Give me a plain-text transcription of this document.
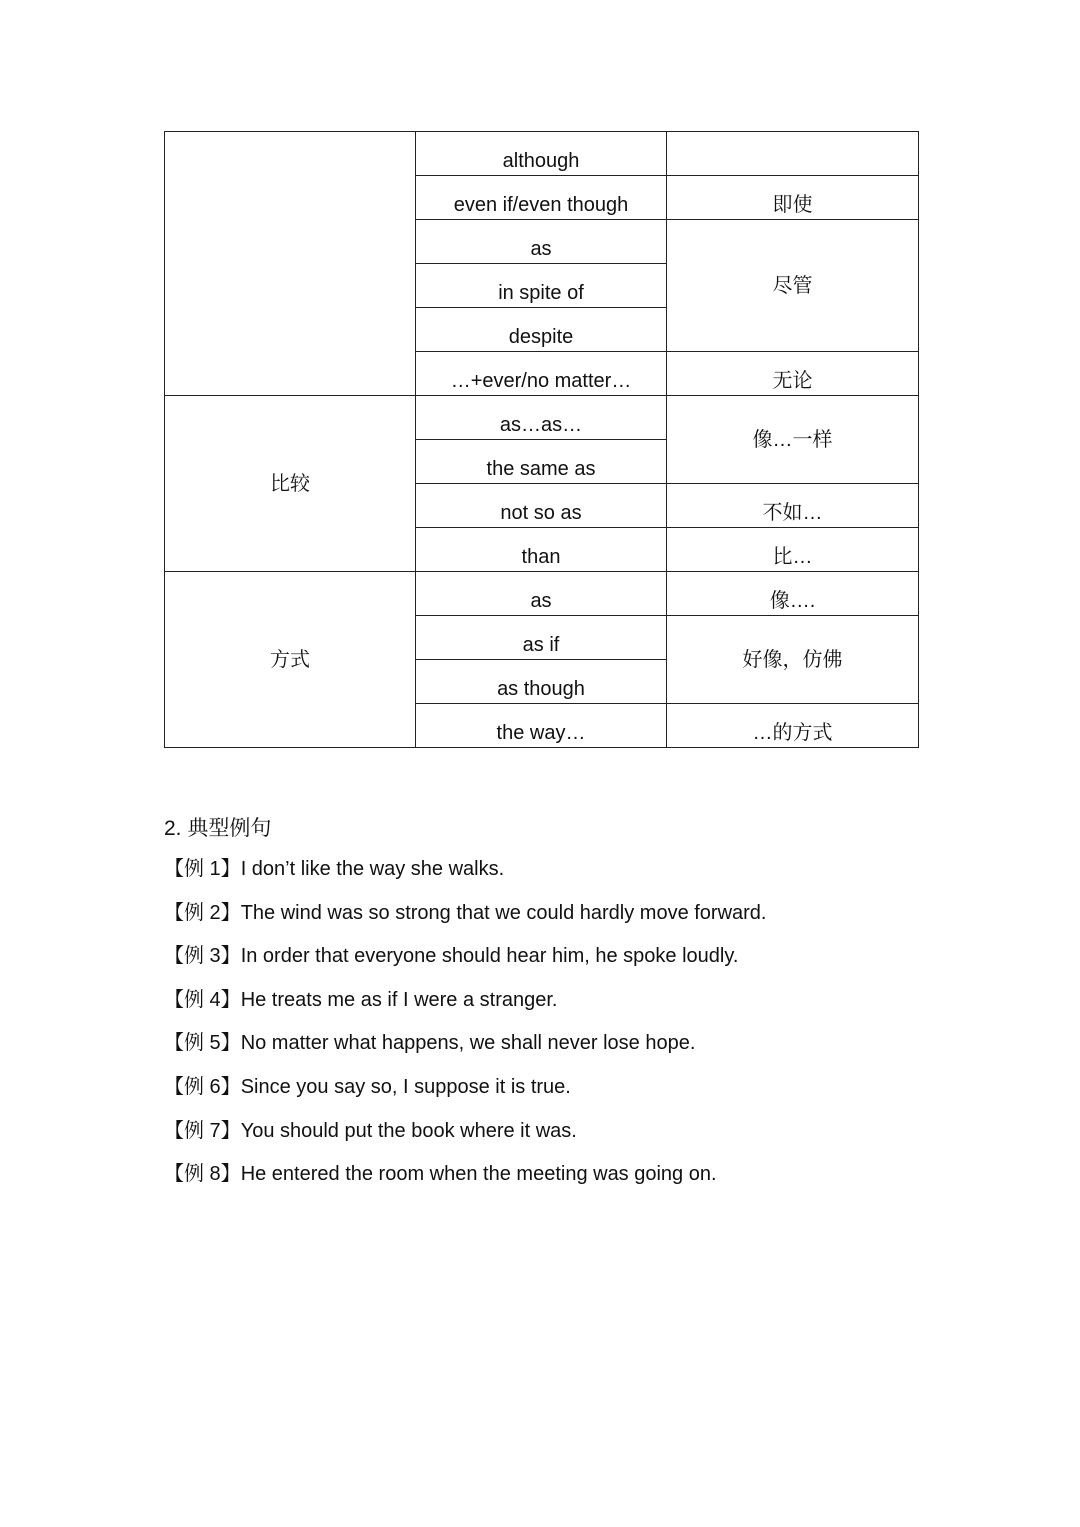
	although	
	even if/even though	即使
	as	尽管
	in spite of	
	despite	
	…+ever/no matter…	无论
比较	as…as…	像…一样
	the same as	
	not so as	不如…
	than	比…
方式	as	像….
	as if	好像，仿佛
	as though	
	the way…	…的方式
2. 典型例句
【例 1】I don’t like the way she walks.
【例 2】The wind was so strong that we could hardly move forward.
【例 3】In order that everyone should hear him, he spoke loudly.
【例 4】He treats me as if I were a stranger.
【例 5】No matter what happens, we shall never lose hope.
【例 6】Since you say so, I suppose it is true.
【例 7】You should put the book where it was.
【例 8】He entered the room when the meeting was going on.
